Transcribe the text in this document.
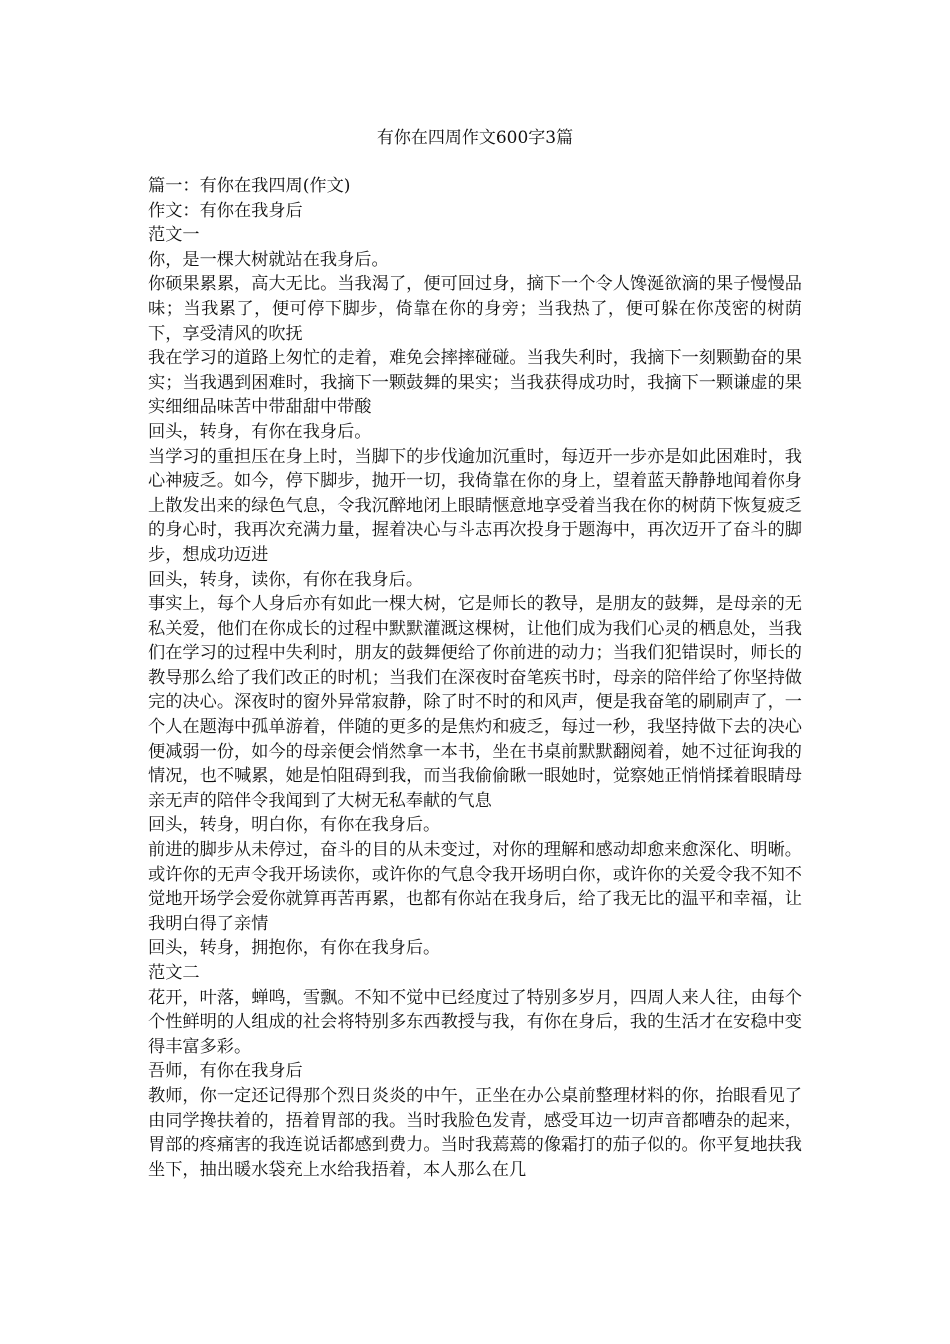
有你在四周作文600字3篇

篇一：有你在我四周(作文)

作文：有你在我身后

范文一

你，是一棵大树就站在我身后。

你硕果累累，高大无比。当我渴了，便可回过身，摘下一个令人馋涎欲滴的果子慢慢品味；当我累了，便可停下脚步，倚靠在你的身旁；当我热了，便可躲在你茂密的树荫下，享受清风的吹抚

我在学习的道路上匆忙的走着，难免会摔摔碰碰。当我失利时，我摘下一刻颗勤奋的果实；当我遇到困难时，我摘下一颗鼓舞的果实；当我获得成功时，我摘下一颗谦虚的果实细细品味苦中带甜甜中带酸

回头，转身，有你在我身后。

当学习的重担压在身上时，当脚下的步伐逾加沉重时，每迈开一步亦是如此困难时，我心神疲乏。如今，停下脚步，抛开一切，我倚靠在你的身上，望着蓝天静静地闻着你身上散发出来的绿色气息，令我沉醉地闭上眼睛惬意地享受着当我在你的树荫下恢复疲乏的身心时，我再次充满力量，握着决心与斗志再次投身于题海中，再次迈开了奋斗的脚步，想成功迈进

回头，转身，读你，有你在我身后。

事实上，每个人身后亦有如此一棵大树，它是师长的教导，是朋友的鼓舞，是母亲的无私关爱，他们在你成长的过程中默默灌溉这棵树，让他们成为我们心灵的栖息处，当我们在学习的过程中失利时，朋友的鼓舞便给了你前进的动力；当我们犯错误时，师长的教导那么给了我们改正的时机；当我们在深夜时奋笔疾书时，母亲的陪伴给了你坚持做完的决心。深夜时的窗外异常寂静，除了时不时的和风声，便是我奋笔的刷刷声了，一个人在题海中孤单游着，伴随的更多的是焦灼和疲乏，每过一秒，我坚持做下去的决心便减弱一份，如今的母亲便会悄然拿一本书，坐在书桌前默默翻阅着，她不过征询我的情况，也不喊累，她是怕阻碍到我，而当我偷偷瞅一眼她时，觉察她正悄悄揉着眼睛母亲无声的陪伴令我闻到了大树无私奉献的气息

回头，转身，明白你，有你在我身后。

前进的脚步从未停过，奋斗的目的从未变过，对你的理解和感动却愈来愈深化、明晰。或许你的无声令我开场读你，或许你的气息令我开场明白你，或许你的关爱令我不知不觉地开场学会爱你就算再苦再累，也都有你站在我身后，给了我无比的温平和幸福，让我明白得了亲情

回头，转身，拥抱你，有你在我身后。

范文二

花开，叶落，蝉鸣，雪飘。不知不觉中已经度过了特别多岁月，四周人来人往，由每个个性鲜明的人组成的社会将特别多东西教授与我，有你在身后，我的生活才在安稳中变得丰富多彩。

吾师，有你在我身后

教师，你一定还记得那个烈日炎炎的中午，正坐在办公桌前整理材料的你，抬眼看见了由同学搀扶着的，捂着胃部的我。当时我脸色发青，感受耳边一切声音都嘈杂的起来，胃部的疼痛害的我连说话都感到费力。当时我蔫蔫的像霜打的茄子似的。你平复地扶我坐下，抽出暖水袋充上水给我捂着，本人那么在几
